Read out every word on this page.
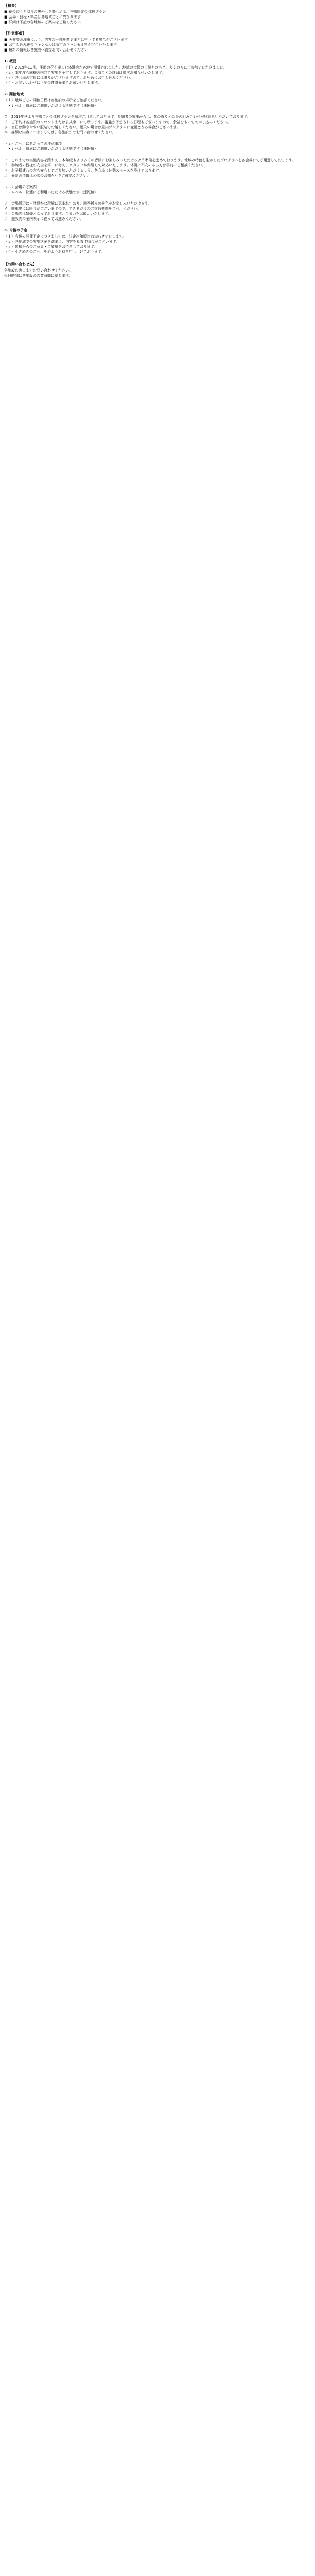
【概要】
■ 花の香りと温泉の癒やしを楽しめる、季節限定の体験プラン
■ 会場・日程・料金は各地域ごとに異なります
■ 詳細は下記の各地域のご案内をご覧ください
【注意事項】
■ 天候等の理由により、内容の一部を変更または中止する場合がございます
■ お申し込み後のキャンセルは所定のキャンセル料が発生いたします
■ 最新の情報は各施設へ直接お問い合わせください
1. 概要
（１）2019年11月、季節の花を楽しむ体験会が各地で開催されました。地域の皆様のご協力のもと、多くの方にご参加いただきました。
（２）本年度も同様の内容で実施を予定しております。会場ごとの詳細は順次お知らせいたします。
（３）各会場の定員には限りがございますので、お早めにお申し込みください。
（４）お問い合わせは下記の連絡先までお願いいたします。
2. 開催地域
（１）地域ごとの開催日程は各施設の掲示をご確認ください。
　・レベル：快適にご利用いただける状態です（速報値）
ア　2019年秋より季節ごとの体験プランを順次ご用意しております。参加者の皆様からは、花の香りと温泉の組み合わせが好評をいただいております。
イ　ご予約は各施設のフロントまたは公式窓口にて承ります。混雑が予想される日程もございますので、余裕をもってお申し込みください。
ウ　当日は動きやすい服装でお越しください。雨天の場合は屋内プログラムに変更となる場合がございます。
エ　詳細な内容につきましては、各施設までお問い合わせください。
（２）ご利用にあたっての注意事項
　・レベル：快適にご利用いただける状態です（速報値）
ア　これまでの実施内容を踏まえ、本年度もより多くの皆様にお楽しみいただけるよう準備を進めております。地域の特色を生かしたプログラムを各会場にてご用意しております。
イ　参加者の皆様の安全を第一に考え、スタッフが常駐して対応いたします。体調に不安のある方は事前にご相談ください。
ウ　お子様連れの方も安心してご参加いただけるよう、各会場に休憩スペースを設けております。
エ　最新の情報は公式のお知らせをご確認ください。
（３）会場のご案内
　・レベル：快適にご利用いただける状態です（速報値）
ア　会場周辺は自然豊かな環境に恵まれており、四季折々の景色をお楽しみいただけます。
イ　駐車場には限りがございますので、できるだけ公共交通機関をご利用ください。
ウ　会場内は禁煙となっております。ご協力をお願いいたします。
エ　施設内の案内表示に従ってお進みください。
3. 今後の予定
（１）今後の開催予定につきましては、決定次第順次お知らせいたします。
（２）各地域での実施状況を踏まえ、内容を見直す場合がございます。
（３）皆様からのご意見・ご要望をお待ちしております。
（４）引き続きのご利用を心よりお待ち申し上げております。
【お問い合わせ先】
各施設の窓口までお問い合わせください。
受付時間は各施設の営業時間に準じます。
